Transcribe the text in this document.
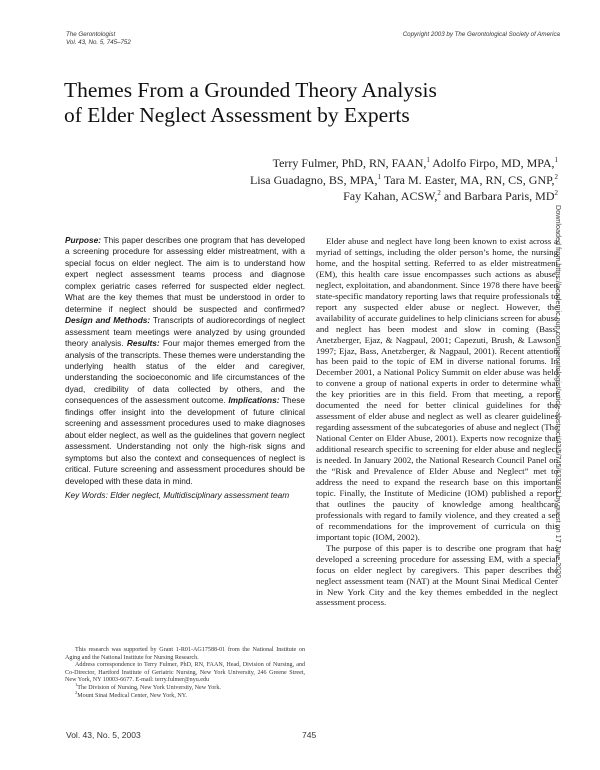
The Gerontologist
Vol. 43, No. 5, 745–752
Copyright 2003 by The Gerontological Society of America
Themes From a Grounded Theory Analysis
of Elder Neglect Assessment by Experts
Terry Fulmer, PhD, RN, FAAN,$^1$ Adolfo Firpo, MD, MPA,$^1$
Lisa Guadagno, BS, MPA,$^1$ Tara M. Easter, MA, RN, CS, GNP,$^2$
Fay Kahan, ACSW,$^2$ and Barbara Paris, $MD^2$
Downloaded from https://academic.oup.com/gerontologist/article-abstract/43/5/745/633663 by guest on 17 June 2020

Purpose: This paper describes one program that has developed a screening procedure for assessing elder mistreatment, with a special focus on elder neglect. The aim is to understand how expert neglect assessment teams process and diagnose complex geriatric cases referred for suspected elder neglect. What are the key themes that must be understood in order to determine if neglect should be suspected and confirmed? Design and Methods: Transcripts of audiorecordings of neglect assessment team meetings were analyzed by using grounded theory analysis. Results: Four major themes emerged from the analysis of the transcripts. These themes were understanding the underlying health status of the elder and caregiver, understanding the socioeconomic and life circumstances of the dyad, credibility of data collected by others, and the consequences of the assessment outcome. Implications: These findings offer insight into the development of future clinical screening and assessment procedures used to make diagnoses about elder neglect, as well as the guidelines that govern neglect assessment. Understanding not only the high-risk signs and symptoms but also the context and consequences of neglect is critical. Future screening and assessment procedures should be developed with these data in mind.

Key Words: Elder neglect, Multidisciplinary assessment team

This research was supported by Grant 1-R01-AG17588-01 from the National Institute on Aging and the National Institute for Nursing Research.

Address correspondence to Terry Fulmer, PhD, RN, FAAN, Head, Division of Nursing, and Co-Director, Hartford Institute of Geriatric Nursing, New York University, 246 Greene Street, New York, NY 10003-6677. E-mail: terry.fulmer@nyu.edu

$^1$The Division of Nursing, New York University, New York.

$^2$Mount Sinai Medical Center, New York, NY.

Elder abuse and neglect have long been known to exist across a myriad of settings, including the older person’s home, the nursing home, and the hospital setting. Referred to as elder mistreatment (EM), this health care issue encompasses such actions as abuse, neglect, exploitation, and abandonment. Since 1978 there have been state-specific mandatory reporting laws that require professionals to report any suspected elder abuse or neglect. However, the availability of accurate guidelines to help clinicians screen for abuse and neglect has been modest and slow in coming (Bass, Anetzberger, Ejaz, & Nagpaul, 2001; Capezuti, Brush, & Lawson, 1997; Ejaz, Bass, Anetzberger, & Nagpaul, 2001). Recent attention has been paid to the topic of EM in diverse national forums. In December 2001, a National Policy Summit on elder abuse was held to convene a group of national experts in order to determine what the key priorities are in this field. From that meeting, a report documented the need for better clinical guidelines for the assessment of elder abuse and neglect as well as clearer guidelines regarding assessment of the subcategories of abuse and neglect (The National Center on Elder Abuse, 2001). Experts now recognize that additional research specific to screening for elder abuse and neglect is needed. In January 2002, the National Research Council Panel on the “Risk and Prevalence of Elder Abuse and Neglect” met to address the need to expand the research base on this important topic. Finally, the Institute of Medicine (IOM) published a report that outlines the paucity of knowledge among healthcare professionals with regard to family violence, and they created a set of recommendations for the improvement of curricula on this important topic (IOM, 2002).

The purpose of this paper is to describe one program that has developed a screening procedure for assessing EM, with a special focus on elder neglect by caregivers. This paper describes the neglect assessment team (NAT) at the Mount Sinai Medical Center in New York City and the key themes embedded in the neglect assessment process.

Vol. 43, No. 5, 2003	745
